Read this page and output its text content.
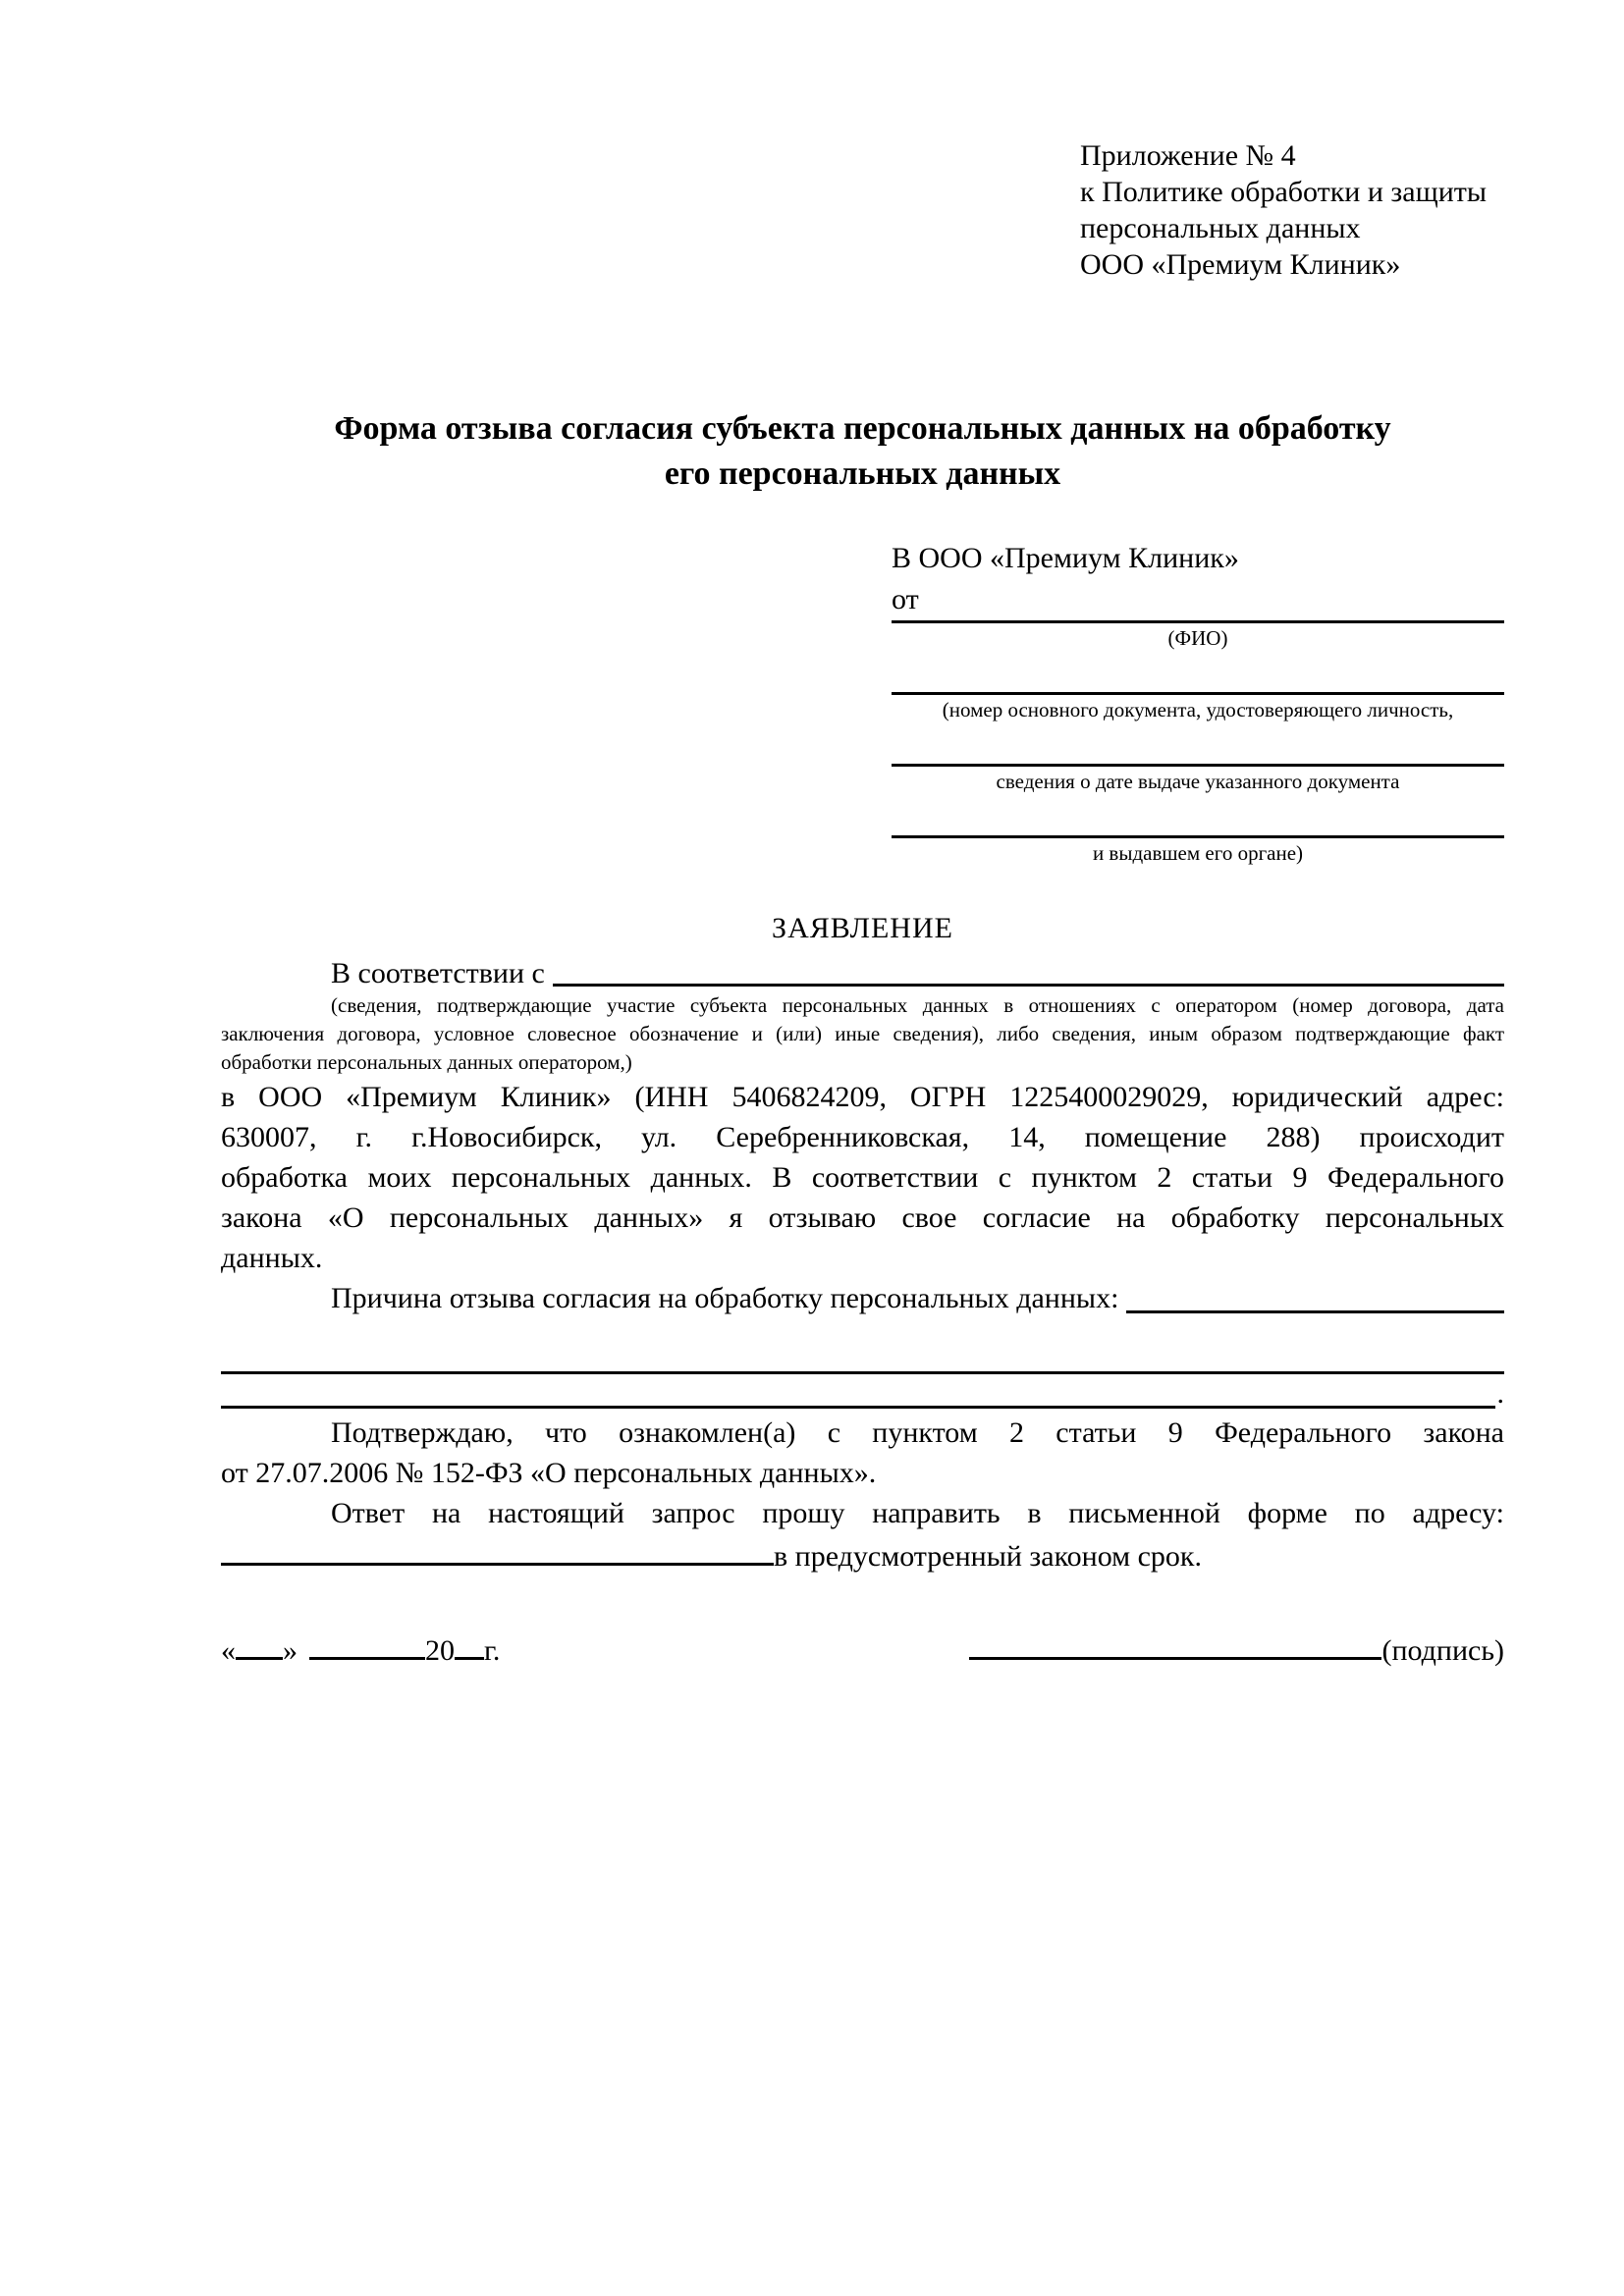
Приложение № 4
к Политике обработки и защиты
персональных данных
ООО «Премиум Клиник»
Форма отзыва согласия субъекта персональных данных на обработку
его персональных данных
В ООО «Премиум Клиник»
от
(ФИО)
(номер основного документа, удостоверяющего личность,
сведения о дате выдаче указанного документа
и выдавшем его органе)
ЗАЯВЛЕНИЕ
В соответствии с
(сведения, подтверждающие участие субъекта персональных данных в отношениях с оператором (номер договора, дата
заключения договора, условное словесное обозначение и (или) иные сведения), либо сведения, иным образом подтверждающие факт
обработки персональных данных оператором,)
в ООО «Премиум Клиник» (ИНН 5406824209, ОГРН 1225400029029, юридический адрес:
630007, г. г.Новосибирск, ул. Серебренниковская, 14, помещение 288) происходит
обработка моих персональных данных. В соответствии с пунктом 2 статьи 9 Федерального
закона «О персональных данных» я отзываю свое согласие на обработку персональных
данных.
Причина отзыва согласия на обработку персональных данных:
.
Подтверждаю, что ознакомлен(а) с пунктом 2 статьи 9 Федерального закона
от 27.07.2006 № 152-ФЗ «О персональных данных».
Ответ на настоящий запрос прошу направить в письменной форме по адресу:
в предусмотренный законом срок.
« »	20 г.	(подпись)
